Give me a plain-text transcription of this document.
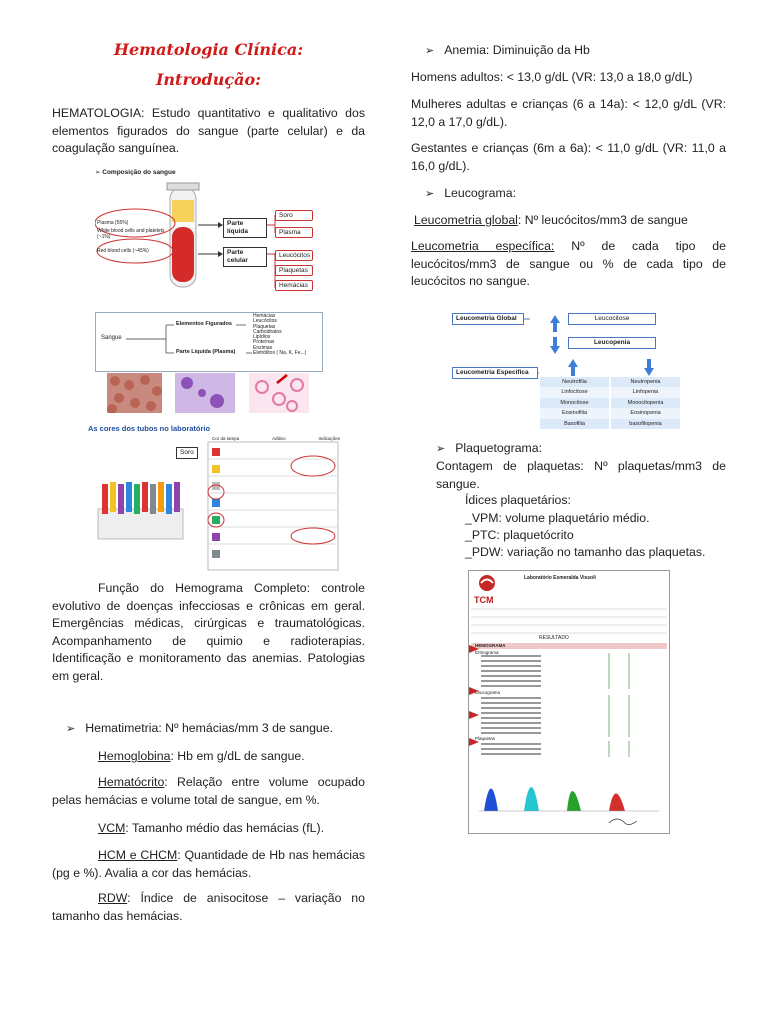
Hematologia Clínica:
Introdução:
HEMATOLOGIA: Estudo quantitativo e qualitativo dos elementos figurados do sangue (parte celular) e da coagulação sanguínea.
➢ Composição do sangue
Plasma (55%)
White blood cells and platelets (~1%)
Red blood cells (~45%)
Parte líquida
Parte celular
Soro
Plasma
Leucócitos
Plaquetas
Hemácias
Sangue
Elementos Figurados
Parte Líquida (Plasma)
Hemácias
Leucócitos
Plaquetas
Carboidratos
Lipídios
Proteínas
Enzimas
Eletrólitos ( Na, K, Fe...)
As cores dos tubos no laboratório
Soro
Cor da tampa	Aditivo	Indicações
Função do Hemograma Completo: controle evolutivo de doenças infecciosas e crônicas em geral. Emergências médicas, cirúrgicas e traumatológicas. Acompanhamento de quimio e radioterapias. Identificação e monitoramento das anemias. Patologias em geral.
➢ Hematimetria: Nº hemácias/mm 3 de sangue.
Hemoglobina: Hb em g/dL de sangue.
Hematócrito: Relação entre volume ocupado pelas hemácias e volume total de sangue, em %.
VCM: Tamanho médio das hemácias (fL).
HCM e CHCM: Quantidade de Hb nas hemácias (pg e %). Avalia a cor das hemácias.
RDW: Índice de anisocitose – variação no tamanho das hemácias.
➢ Anemia: Diminuição da Hb
Homens adultos: < 13,0 g/dL (VR: 13,0 a 18,0 g/dL)
Mulheres adultas e crianças (6 a 14a): < 12,0 g/dL (VR: 12,0 a 17,0 g/dL).
Gestantes e crianças (6m a 6a): < 11,0 g/dL (VR: 11,0 a 16,0 g/dL).
➢ Leucograma:
Leucometria global: Nº leucócitos/mm3 de sangue
Leucometria específica: Nº de cada tipo de leucócitos/mm3 de sangue ou % de cada tipo de leucócitos no sangue.
Leucometria Global	Leucocitose
Leucopenia
Leucometria Especifica
Neutrofilia	Neutropenia
Linfocitose	Linfopenia
Monocitose	Monocitopenia
Eosinofilia	Eosinopenia
Basofilia	basofilopenia
➢ Plaquetograma:
Contagem de plaquetas: Nº plaquetas/mm3 de sangue.
Ídices plaquetários:
_VPM: volume plaquetário médio.
_PTC: plaquetócrito
_PDW: variação no tamanho das plaquetas.
TCM
Laboratório Esmeralda Vissoli
RESULTADO
HEMOGRAMA
Eritrograma
Leucograma
Plaquetas
